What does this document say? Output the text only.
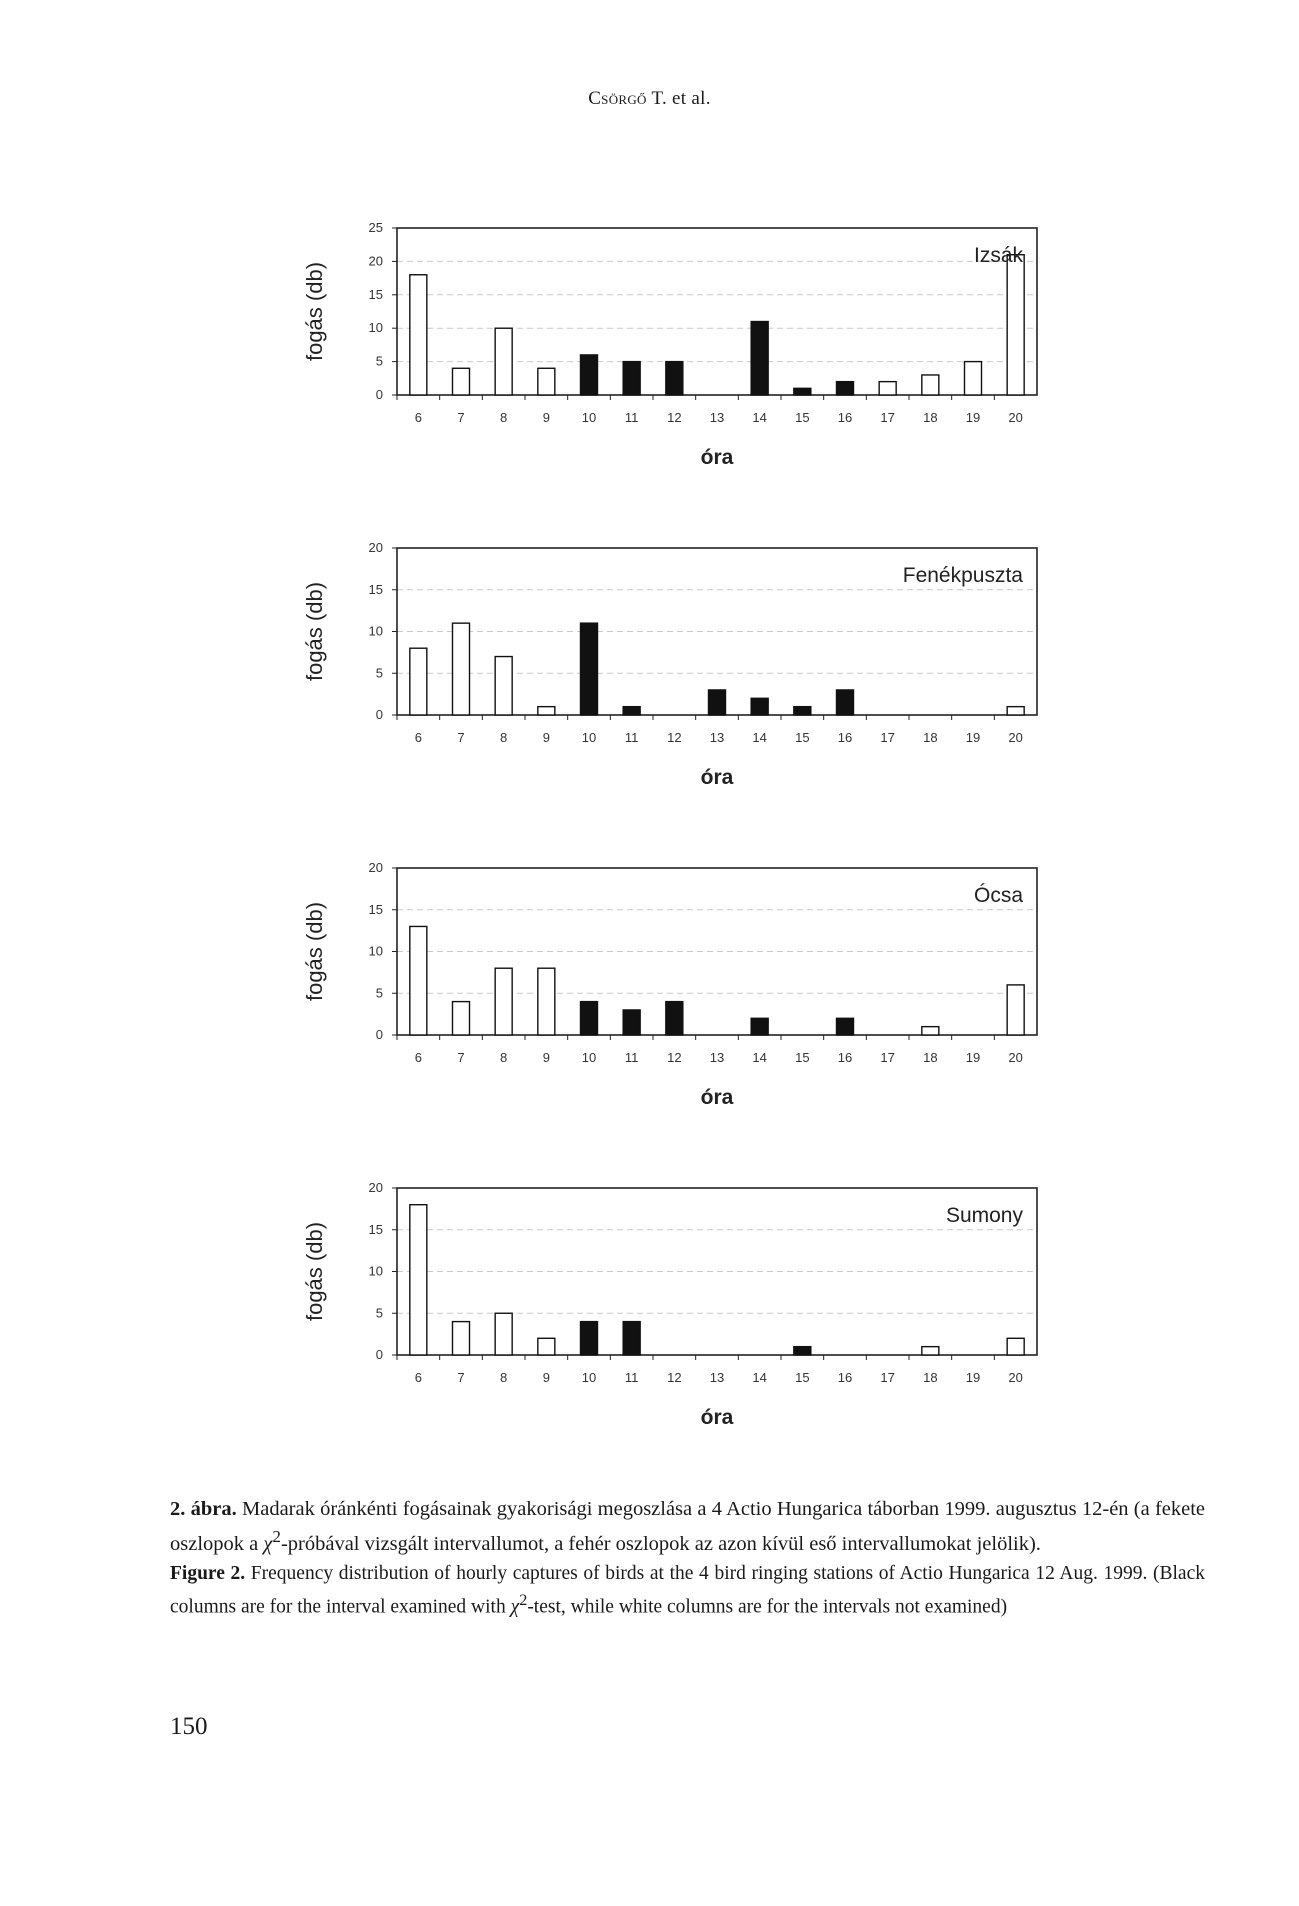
Csörgő T. et al.
0
5
10
15
20
25
6	7	8	9 10 11 12 13 14 15 16 17 18 19 20
Izsák
fogás (db)
óra
0
5
10
15
20
6	7	8	9 10 11 12 13 14 15 16 17 18 19 20
Fenékpuszta
fogás (db)
óra
0
5
10
15
20
6	7	8	9 10 11 12 13 14 15 16 17 18 19 20
Ócsa
fogás (db)
óra
0
5
10
15
20
6	7	8	9 10 11 12 13 14 15 16 17 18 19 20
Sumony
fogás (db)
óra

2. ábra. Madarak óránkénti fogásainak gyakorisági megoszlása a 4 Actio Hungarica táborban 1999. augusztus 12-én (a fekete oszlopok a $\chi^2$-próbával vizsgált intervallumot, a fehér oszlopok az azon kívül eső intervallumokat jelölik).

Figure 2. Frequency distribution of hourly captures of birds at the 4 bird ringing stations of Actio Hungarica 12 Aug. 1999. (Black columns are for the interval examined with $\chi^2$-test, while white columns are for the intervals not examined)

150
